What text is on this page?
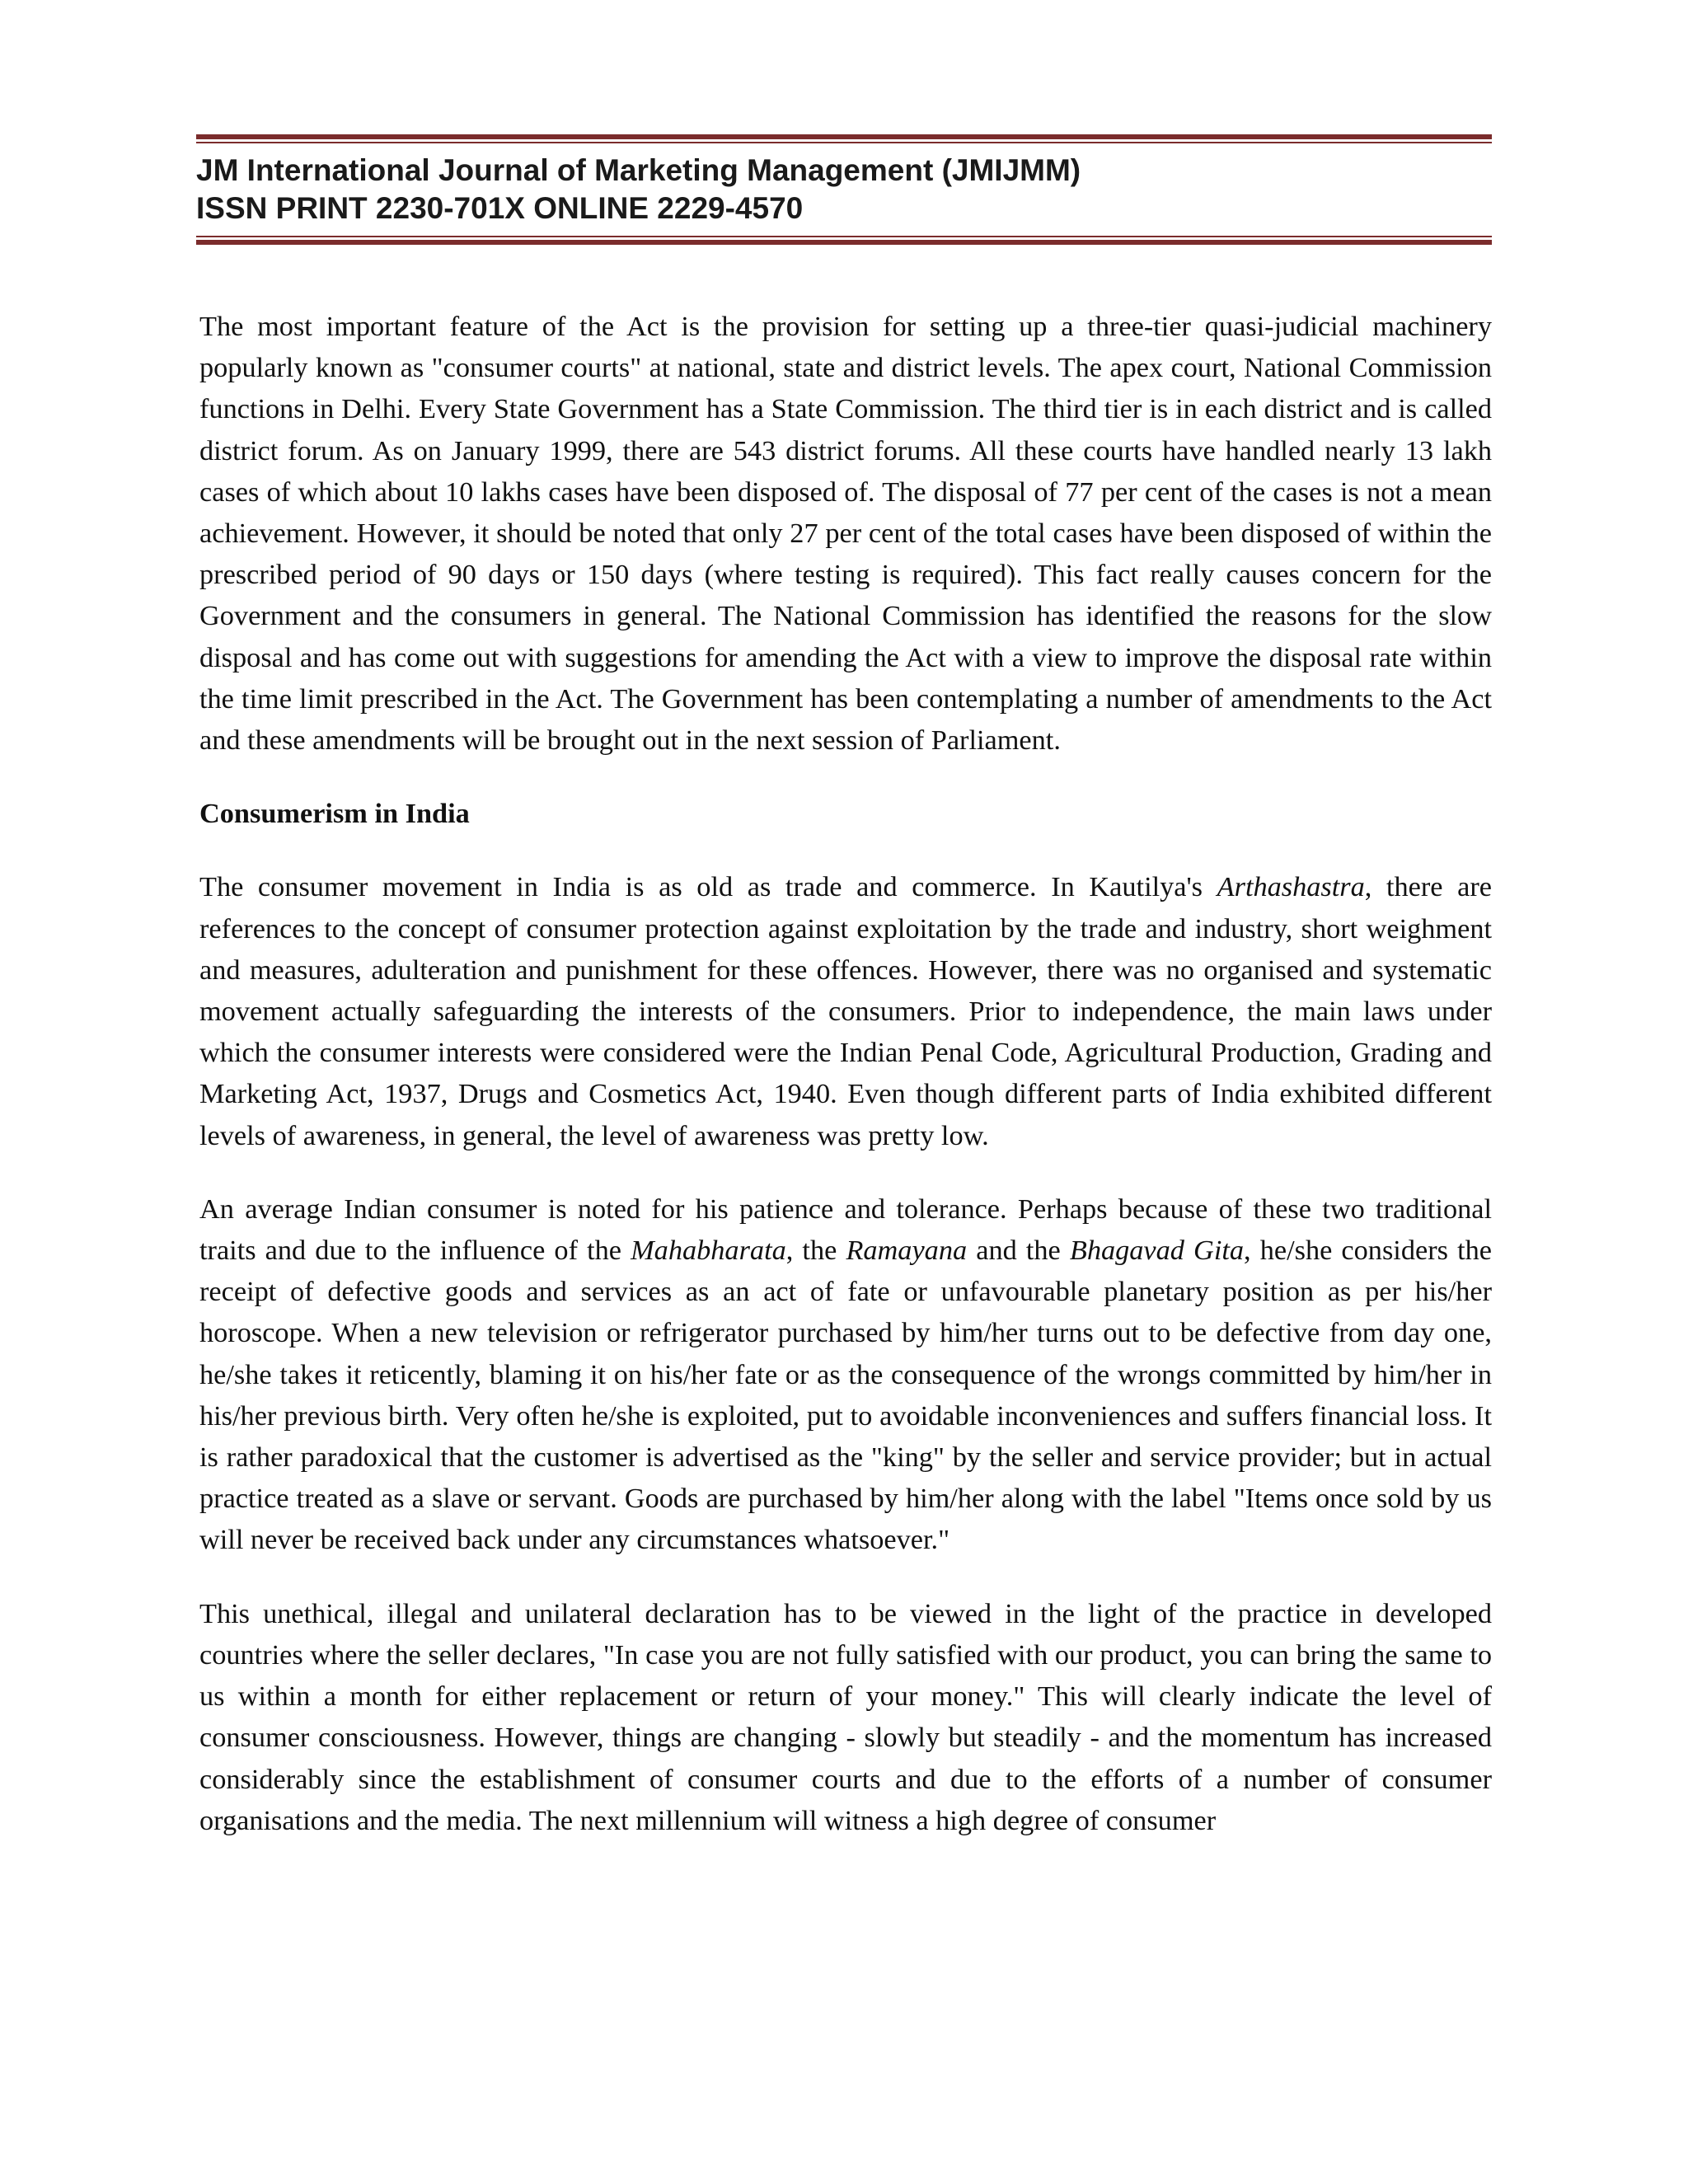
JM International Journal of Marketing Management (JMIJMM)
ISSN PRINT 2230-701X ONLINE 2229-4570

The most important feature of the Act is the provision for setting up a three-tier quasi-judicial machinery popularly known as "consumer courts" at national, state and district levels. The apex court, National Commission functions in Delhi. Every State Government has a State Commission. The third tier is in each district and is called district forum. As on January 1999, there are 543 district forums. All these courts have handled nearly 13 lakh cases of which about 10 lakhs cases have been disposed of. The disposal of 77 per cent of the cases is not a mean achievement. However, it should be noted that only 27 per cent of the total cases have been disposed of within the prescribed period of 90 days or 150 days (where testing is required). This fact really causes concern for the Government and the consumers in general. The National Commission has identified the reasons for the slow disposal and has come out with suggestions for amending the Act with a view to improve the disposal rate within the time limit prescribed in the Act. The Government has been contemplating a number of amendments to the Act and these amendments will be brought out in the next session of Parliament.

Consumerism in India

The consumer movement in India is as old as trade and commerce. In Kautilya's Arthashastra, there are references to the concept of consumer protection against exploitation by the trade and industry, short weighment and measures, adulteration and punishment for these offences. However, there was no organised and systematic movement actually safeguarding the interests of the consumers. Prior to independence, the main laws under which the consumer interests were considered were the Indian Penal Code, Agricultural Production, Grading and Marketing Act, 1937, Drugs and Cosmetics Act, 1940. Even though different parts of India exhibited different levels of awareness, in general, the level of awareness was pretty low.

An average Indian consumer is noted for his patience and tolerance. Perhaps because of these two traditional traits and due to the influence of the Mahabharata, the Ramayana and the Bhagavad Gita, he/she considers the receipt of defective goods and services as an act of fate or unfavourable planetary position as per his/her horoscope. When a new television or refrigerator purchased by him/her turns out to be defective from day one, he/she takes it reticently, blaming it on his/her fate or as the consequence of the wrongs committed by him/her in his/her previous birth. Very often he/she is exploited, put to avoidable inconveniences and suffers financial loss. It is rather paradoxical that the customer is advertised as the "king" by the seller and service provider; but in actual practice treated as a slave or servant. Goods are purchased by him/her along with the label "Items once sold by us will never be received back under any circumstances whatsoever."

This unethical, illegal and unilateral declaration has to be viewed in the light of the practice in developed countries where the seller declares, "In case you are not fully satisfied with our product, you can bring the same to us within a month for either replacement or return of your money." This will clearly indicate the level of consumer consciousness. However, things are changing - slowly but steadily - and the momentum has increased considerably since the establishment of consumer courts and due to the efforts of a number of consumer organisations and the media. The next millennium will witness a high degree of consumer
